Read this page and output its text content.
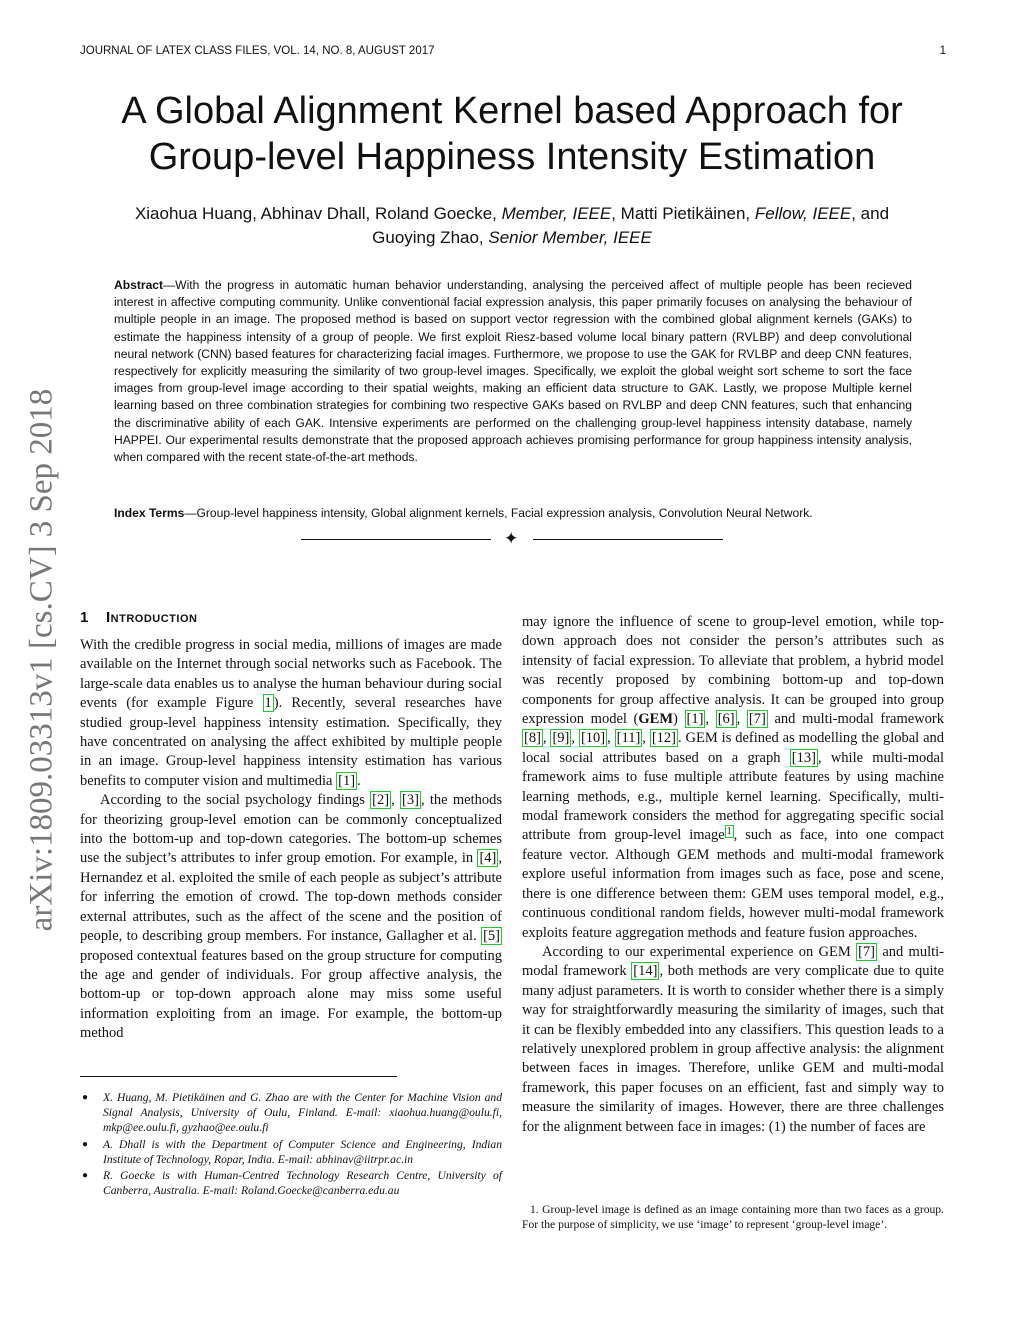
JOURNAL OF LATEX CLASS FILES, VOL. 14, NO. 8, AUGUST 2017	1
arXiv:1809.03313v1 [cs.CV] 3 Sep 2018
A Global Alignment Kernel based Approach for
Group-level Happiness Intensity Estimation
Xiaohua Huang, Abhinav Dhall, Roland Goecke, Member, IEEE, Matti Pietikäinen, Fellow, IEEE, and
Guoying Zhao, Senior Member, IEEE

Abstract—With the progress in automatic human behavior understanding, analysing the perceived affect of multiple people has been recieved interest in affective computing community. Unlike conventional facial expression analysis, this paper primarily focuses on analysing the behaviour of multiple people in an image. The proposed method is based on support vector regression with the combined global alignment kernels (GAKs) to estimate the happiness intensity of a group of people. We first exploit Riesz-based volume local binary pattern (RVLBP) and deep convolutional neural network (CNN) based features for characterizing facial images. Furthermore, we propose to use the GAK for RVLBP and deep CNN features, respectively for explicitly measuring the similarity of two group-level images. Specifically, we exploit the global weight sort scheme to sort the face images from group-level image according to their spatial weights, making an efficient data structure to GAK. Lastly, we propose Multiple kernel learning based on three combination strategies for combining two respective GAKs based on RVLBP and deep CNN features, such that enhancing the discriminative ability of each GAK. Intensive experiments are performed on the challenging group-level happiness intensity database, namely HAPPEI. Our experimental results demonstrate that the proposed approach achieves promising performance for group happiness intensity analysis, when compared with the recent state-of-the-art methods.

Index Terms—Group-level happiness intensity, Global alignment kernels, Facial expression analysis, Convolution Neural Network.

✦
1 Introduction

With the credible progress in social media, millions of images are made available on the Internet through social networks such as Facebook. The large-scale data enables us to analyse the human behaviour during social events (for example Figure 1 ). Recently, several researches have studied group-level happiness intensity estimation. Specifically, they have concentrated on analysing the affect exhibited by multiple people in an image. Group-level happiness intensity estimation has various benefits to computer vision and multimedia [1] .

According to the social psychology findings [2] , [3] , the methods for theorizing group-level emotion can be commonly conceptualized into the bottom-up and top-down categories. The bottom-up schemes use the subject’s attributes to infer group emotion. For example, in [4] , Hernandez et al. exploited the smile of each people as subject’s attribute for inferring the emotion of crowd. The top-down methods consider external attributes, such as the affect of the scene and the position of people, to describing group members. For instance, Gallagher et al. [5] proposed contextual features based on the group structure for computing the age and gender of individuals. For group affective analysis, the bottom-up or top-down approach alone may miss some useful information exploiting from an image. For example, the bottom-up method

● X. Huang, M. Pietikäinen and G. Zhao are with the Center for Machine Vision and Signal Analysis, University of Oulu, Finland. E-mail: xiaohua.huang@oulu.fi, mkp@ee.oulu.fi, gyzhao@ee.oulu.fi
● A. Dhall is with the Department of Computer Science and Engineering, Indian Institute of Technology, Ropar, India. E-mail: abhinav@iitrpr.ac.in
● R. Goecke is with Human-Centred Technology Research Centre, University of Canberra, Australia. E-mail: Roland.Goecke@canberra.edu.au

may ignore the influence of scene to group-level emotion, while top-down approach does not consider the person’s attributes such as intensity of facial expression. To alleviate that problem, a hybrid model was recently proposed by combining bottom-up and top-down components for group affective analysis. It can be grouped into group expression model (GEM) [1] , [6] , [7] and multi-modal framework [8] , [9] , [10] , [11] , [12] . GEM is defined as modelling the global and local social attributes based on a graph [13] , while multi-modal framework aims to fuse multiple attribute features by using machine learning methods, e.g., multiple kernel learning. Specifically, multi-modal framework considers the method for aggregating specific social attribute from group-level image $^1$ , such as face, into one compact feature vector. Although GEM methods and multi-modal framework explore useful information from images such as face, pose and scene, there is one difference between them: GEM uses temporal model, e.g., continuous conditional random fields, however multi-modal framework exploits feature aggregation methods and feature fusion approaches.

According to our experimental experience on GEM [7] and multi-modal framework [14] , both methods are very complicate due to quite many adjust parameters. It is worth to consider whether there is a simply way for straightforwardly measuring the similarity of images, such that it can be flexibly embedded into any classifiers. This question leads to a relatively unexplored problem in group affective analysis: the alignment between faces in images. Therefore, unlike GEM and multi-modal framework, this paper focuses on an efficient, fast and simply way to measure the similarity of images. However, there are three challenges for the alignment between face in images: (1) the number of faces are

1. Group-level image is defined as an image containing more than two faces as a group. For the purpose of simplicity, we use ‘image’ to represent ‘group-level image’.
